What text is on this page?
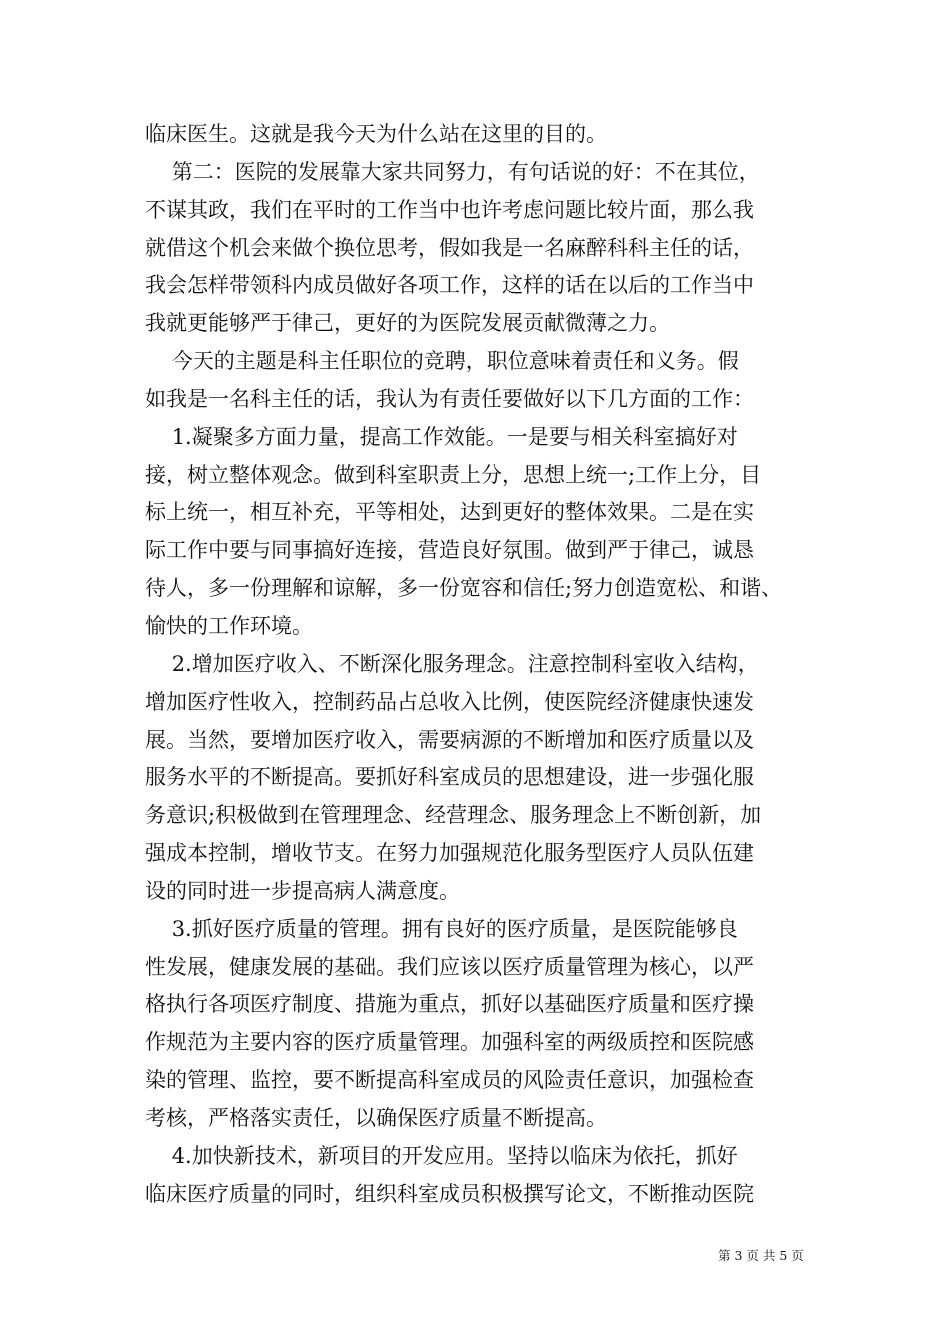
临床医生。这就是我今天为什么站在这里的目的。
第二：医院的发展靠大家共同努力，有句话说的好：不在其位，
不谋其政，我们在平时的工作当中也许考虑问题比较片面，那么我
就借这个机会来做个换位思考，假如我是一名麻醉科科主任的话，
我会怎样带领科内成员做好各项工作，这样的话在以后的工作当中
我就更能够严于律己，更好的为医院发展贡献微薄之力。
今天的主题是科主任职位的竞聘，职位意味着责任和义务。假
如我是一名科主任的话，我认为有责任要做好以下几方面的工作：
1.凝聚多方面力量，提高工作效能。一是要与相关科室搞好对
接，树立整体观念。做到科室职责上分，思想上统一;工作上分，目
标上统一，相互补充，平等相处，达到更好的整体效果。二是在实
际工作中要与同事搞好连接，营造良好氛围。做到严于律己，诚恳
待人，多一份理解和谅解，多一份宽容和信任;努力创造宽松、和谐、
愉快的工作环境。
2.增加医疗收入、不断深化服务理念。注意控制科室收入结构，
增加医疗性收入，控制药品占总收入比例，使医院经济健康快速发
展。当然，要增加医疗收入，需要病源的不断增加和医疗质量以及
服务水平的不断提高。要抓好科室成员的思想建设，进一步强化服
务意识;积极做到在管理理念、经营理念、服务理念上不断创新，加
强成本控制，增收节支。在努力加强规范化服务型医疗人员队伍建
设的同时进一步提高病人满意度。
3.抓好医疗质量的管理。拥有良好的医疗质量，是医院能够良
性发展，健康发展的基础。我们应该以医疗质量管理为核心，以严
格执行各项医疗制度、措施为重点，抓好以基础医疗质量和医疗操
作规范为主要内容的医疗质量管理。加强科室的两级质控和医院感
染的管理、监控，要不断提高科室成员的风险责任意识，加强检查
考核，严格落实责任，以确保医疗质量不断提高。
4.加快新技术，新项目的开发应用。坚持以临床为依托，抓好
临床医疗质量的同时，组织科室成员积极撰写论文，不断推动医院
第 3 页 共 5 页
